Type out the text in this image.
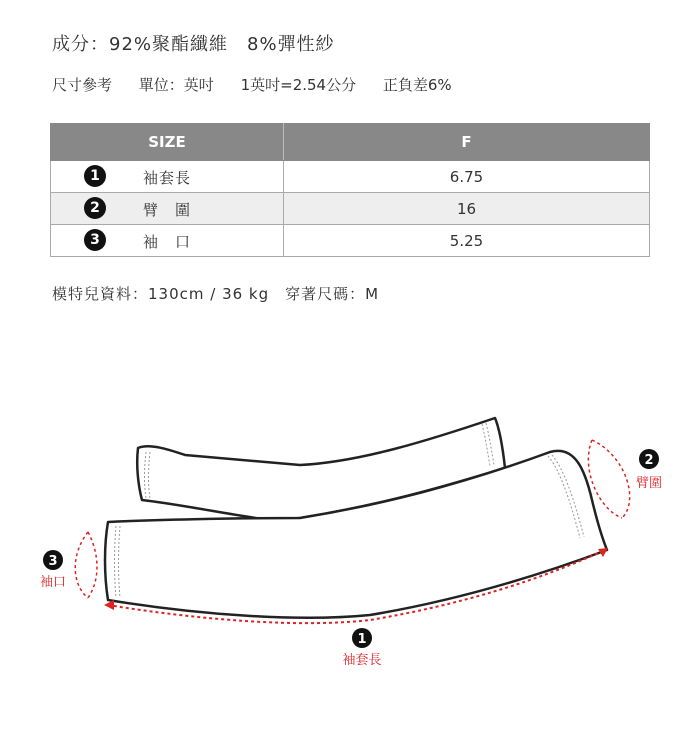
成分：92%聚酯纖維　8%彈性紗
尺寸參考 單位：英吋 1英吋=2.54公分 正負差6%
SIZE	F

1 袖套長	6.75

2 臂　圍	16

3 袖　口	5.25
模特兒資料：130cm / 36 kg　穿著尺碼：M
1
袖套長
2
臂圍
3
袖口
